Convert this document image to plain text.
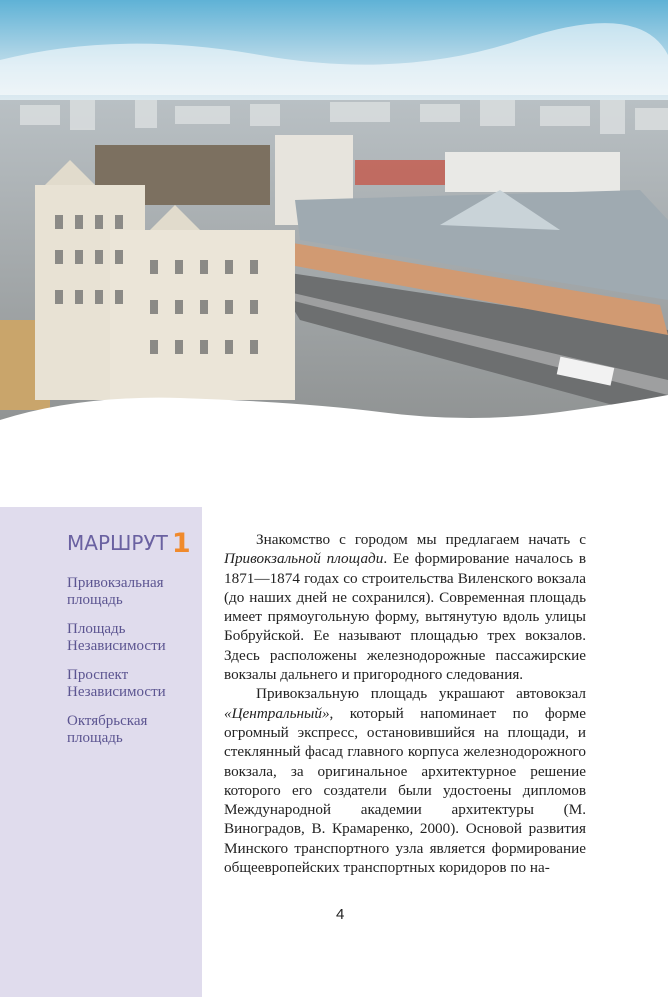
МАРШРУТ 1
Привокзальная площадь
Площадь Независимости
Проспект Независимости
Октябрьская площадь

Знакомство с городом мы предлагаем начать с Привокзальной площади. Ее формирование началось в 1871—1874 годах со строительства Виленского вокзала (до наших дней не сохранился). Современная площадь имеет прямоугольную форму, вытянутую вдоль улицы Бобруйской. Ее называют площадью трех вокзалов. Здесь расположены железнодорожные пассажирские вокзалы дальнего и пригородного следования.

Привокзальную площадь украшают автовокзал «Центральный», который напоминает по форме огромный экспресс, остановившийся на площади, и стеклянный фасад главного корпуса железнодорожного вокзала, за оригинальное архитектурное решение которого его создатели были удостоены дипломов Международной академии архитектуры (М. Виноградов, В. Крамаренко, 2000). Основой развития Минского транспортного узла является формирование общеевропейских транспортных коридоров по на-

4
